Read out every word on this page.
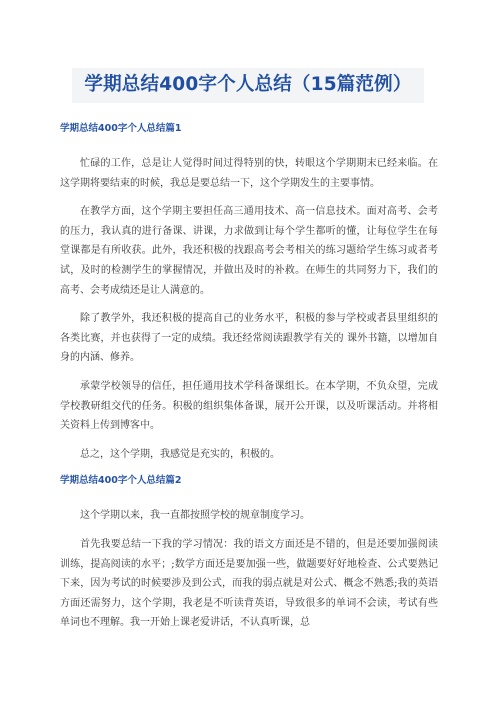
学期总结400字个人总结（15篇范例）
学期总结400字个人总结篇1

忙碌的工作，总是让人觉得时间过得特别的快，转眼这个学期期末已经来临。在这学期将要结束的时候，我总是要总结一下，这个学期发生的主要事情。

在教学方面，这个学期主要担任高三通用技术、高一信息技术。面对高考、会考的压力，我认真的进行备课、讲课，力求做到让每个学生都听的懂，让每位学生在每堂课都是有所收获。此外，我还积极的找跟高考会考相关的练习题给学生练习或者考试，及时的检测学生的掌握情况，并做出及时的补救。在师生的共同努力下，我们的高考、会考成绩还是让人满意的。

除了教学外，我还积极的提高自己的业务水平，积极的参与学校或者县里组织的各类比赛，并也获得了一定的成绩。我还经常阅读跟教学有关的 课外书籍，以增加自身的内涵、修养。

承蒙学校领导的信任，担任通用技术学科备课组长。在本学期，不负众望，完成学校教研组交代的任务。积极的组织集体备课，展开公开课，以及听课活动。并将相关资料上传到博客中。

总之，这个学期，我感觉是充实的，积极的。

学期总结400字个人总结篇2

这个学期以来，我一直都按照学校的规章制度学习。

首先我要总结一下我的学习情况：我的语文方面还是不错的，但是还要加强阅读训练，提高阅读的水平；;数学方面还是要加强一些，做题要好好地检查、公式要熟记下来，因为考试的时候要涉及到公式，而我的弱点就是对公式、概念不熟悉;我的英语方面还需努力，这个学期，我老是不听读背英语，导致很多的单词不会读，考试有些单词也不理解。我一开始上课老爱讲话，不认真听课，总
